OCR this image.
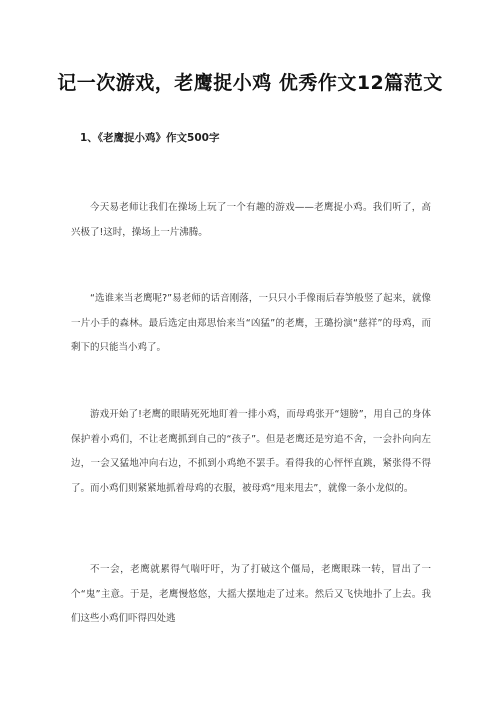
记一次游戏，老鹰捉小鸡 优秀作文12篇范文
1、《老鹰捉小鸡》作文500字

今天易老师让我们在操场上玩了一个有趣的游戏——老鹰捉小鸡。我们听了，高兴极了!这时，操场上一片沸腾。

“选谁来当老鹰呢?”易老师的话音刚落，一只只小手像雨后春笋般竖了起来，就像一片小手的森林。最后选定由郑思怡来当“凶猛”的老鹰，王璐扮演“慈祥”的母鸡，而剩下的只能当小鸡了。

游戏开始了!老鹰的眼睛死死地盯着一排小鸡，而母鸡张开“翅膀”，用自己的身体保护着小鸡们，不让老鹰抓到自己的“孩子”。但是老鹰还是穷追不舍，一会扑向向左边，一会又猛地冲向右边，不抓到小鸡绝不罢手。看得我的心怦怦直跳，紧张得不得了。而小鸡们则紧紧地抓着母鸡的衣服，被母鸡“甩来甩去”，就像一条小龙似的。

不一会，老鹰就累得气喘吁吁，为了打破这个僵局，老鹰眼珠一转，冒出了一个“鬼”主意。于是，老鹰慢悠悠，大摇大摆地走了过来。然后又飞快地扑了上去。我们这些小鸡们吓得四处逃
